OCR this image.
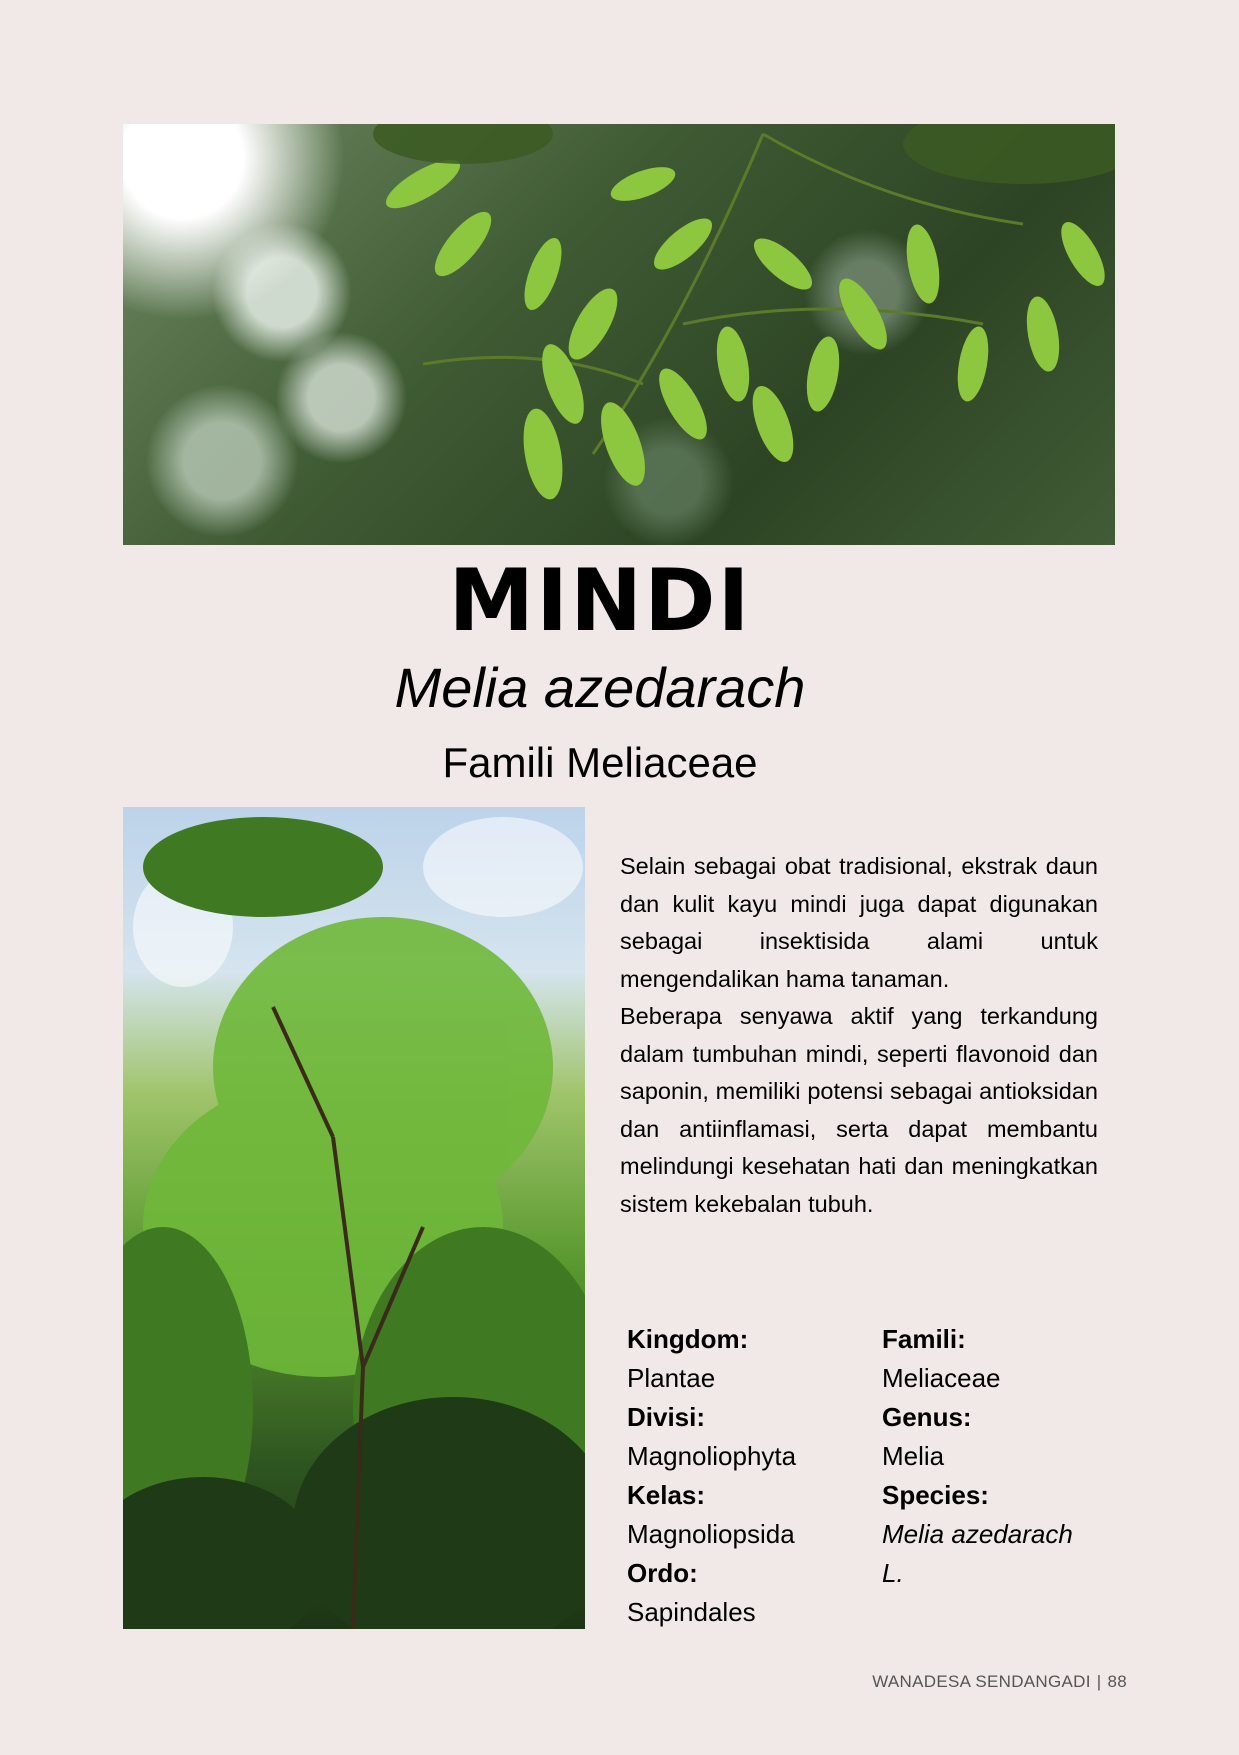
MINDI
Melia azedarach
Famili Meliaceae

Selain sebagai obat tradisional, ekstrak daun dan kulit kayu mindi juga dapat digunakan sebagai insektisida alami untuk mengendalikan hama tanaman.

Beberapa senyawa aktif yang terkandung dalam tumbuhan mindi, seperti flavonoid dan saponin, memiliki potensi sebagai antioksidan dan antiinflamasi, serta dapat membantu melindungi kesehatan hati dan meningkatkan sistem kekebalan tubuh.

Kingdom:
Plantae
Divisi:
Magnoliophyta
Kelas:
Magnoliopsida
Ordo:
Sapindales
Famili:
Meliaceae
Genus:
Melia
Species:
Melia azedarach
L.
WANADESA SENDANGADI | 88
